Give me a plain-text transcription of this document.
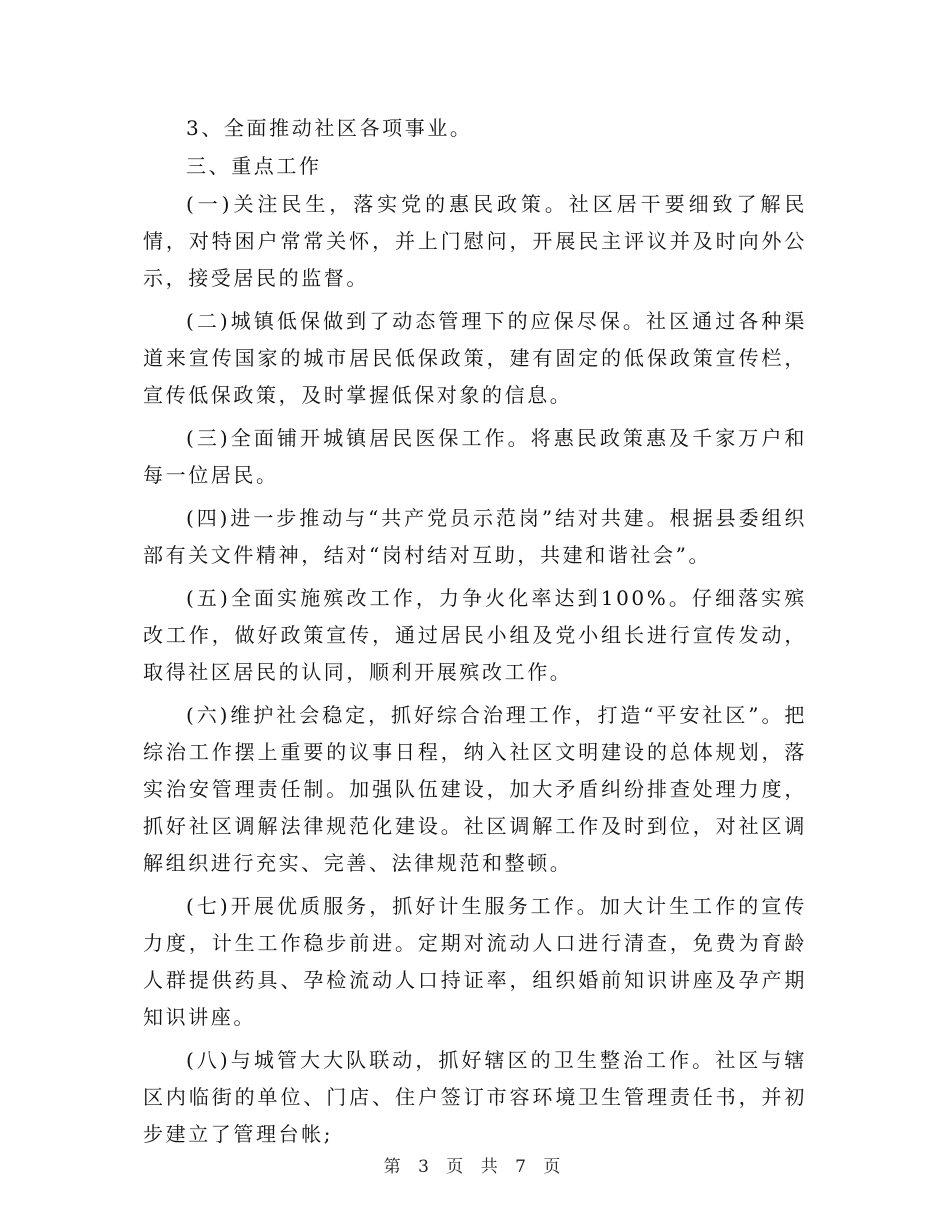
3、全面推动社区各项事业。

三、重点工作

(一)关注民生，落实党的惠民政策。社区居干要细致了解民情，对特困户常常关怀，并上门慰问，开展民主评议并及时向外公示，接受居民的监督。

(二)城镇低保做到了动态管理下的应保尽保。社区通过各种渠道来宣传国家的城市居民低保政策，建有固定的低保政策宣传栏，宣传低保政策，及时掌握低保对象的信息。

(三)全面铺开城镇居民医保工作。将惠民政策惠及千家万户和每一位居民。

(四)进一步推动与“共产党员示范岗”结对共建。根据县委组织部有关文件精神，结对“岗村结对互助，共建和谐社会”。

(五)全面实施殡改工作，力争火化率达到100%。仔细落实殡改工作，做好政策宣传，通过居民小组及党小组长进行宣传发动，取得社区居民的认同，顺利开展殡改工作。

(六)维护社会稳定，抓好综合治理工作，打造“平安社区”。把综治工作摆上重要的议事日程，纳入社区文明建设的总体规划，落实治安管理责任制。加强队伍建设，加大矛盾纠纷排查处理力度，抓好社区调解法律规范化建设。社区调解工作及时到位，对社区调解组织进行充实、完善、法律规范和整顿。

(七)开展优质服务，抓好计生服务工作。加大计生工作的宣传力度，计生工作稳步前进。定期对流动人口进行清查，免费为育龄人群提供药具、孕检流动人口持证率，组织婚前知识讲座及孕产期知识讲座。

(八)与城管大大队联动，抓好辖区的卫生整治工作。社区与辖区内临街的单位、门店、住户签订市容环境卫生管理责任书，并初步建立了管理台帐;

第 3 页 共 7 页
